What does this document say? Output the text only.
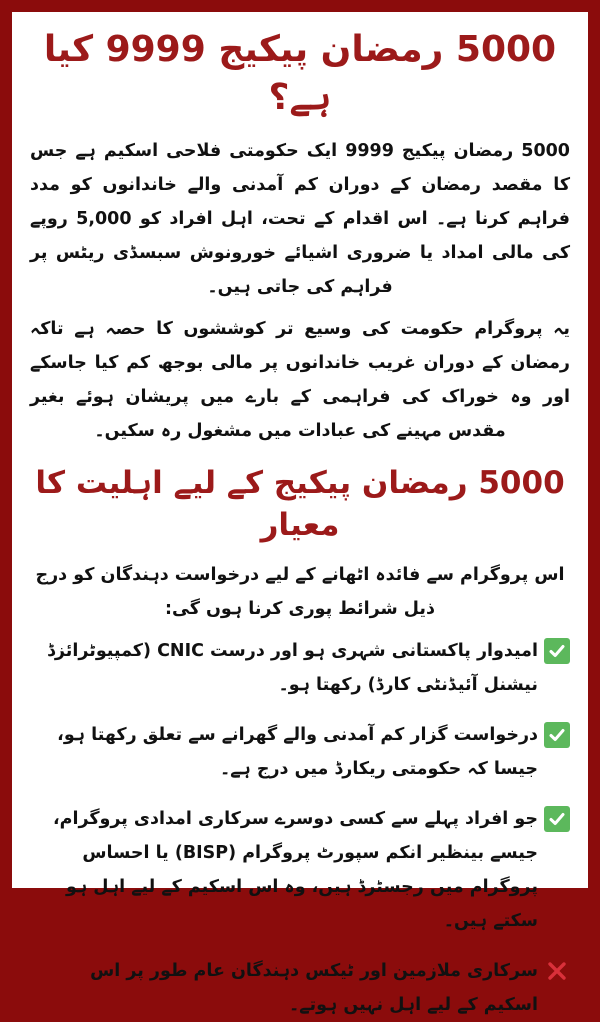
5000 رمضان پیکیج 9999 کیا ہے؟

5000 رمضان پیکیج 9999 ایک حکومتی فلاحی اسکیم ہے جس کا مقصد رمضان کے دوران کم آمدنی والے خاندانوں کو مدد فراہم کرنا ہے۔ اس اقدام کے تحت، اہل افراد کو 5,000 روپے کی مالی امداد یا ضروری اشیائے خورونوش سبسڈی ریٹس پر فراہم کی جاتی ہیں۔

یہ پروگرام حکومت کی وسیع تر کوششوں کا حصہ ہے تاکہ رمضان کے دوران غریب خاندانوں پر مالی بوجھ کم کیا جاسکے اور وہ خوراک کی فراہمی کے بارے میں پریشان ہوئے بغیر مقدس مہینے کی عبادات میں مشغول رہ سکیں۔

5000 رمضان پیکیج کے لیے اہلیت کا معیار

اس پروگرام سے فائدہ اٹھانے کے لیے درخواست دہندگان کو درج ذیل شرائط پوری کرنا ہوں گی:

امیدوار پاکستانی شہری ہو اور درست CNIC (کمپیوٹرائزڈ نیشنل آئیڈنٹی کارڈ) رکھتا ہو۔
درخواست گزار کم آمدنی والے گھرانے سے تعلق رکھتا ہو، جیسا کہ حکومتی ریکارڈ میں درج ہے۔
جو افراد پہلے سے کسی دوسرے سرکاری امدادی پروگرام، جیسے بینظیر انکم سپورٹ پروگرام (BISP) یا احساس پروگرام میں رجسٹرڈ ہیں، وہ اس اسکیم کے لیے اہل ہو سکتے ہیں۔
سرکاری ملازمین اور ٹیکس دہندگان عام طور پر اس اسکیم کے لیے اہل نہیں ہوتے۔
